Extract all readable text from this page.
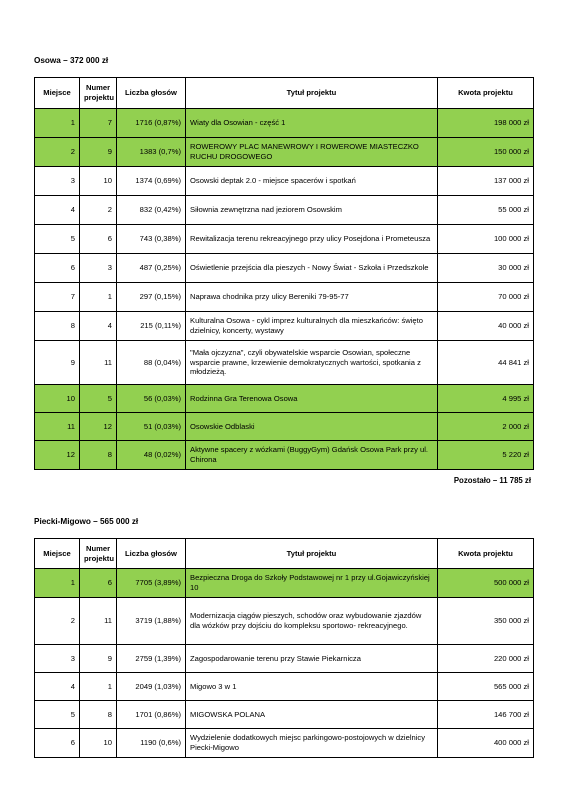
Osowa – 372 000 zł
Miejsce	Numer projektu	Liczba głosów	Tytuł projektu	Kwota projektu
1	7	1716 (0,87%)	Wiaty dla Osowian - część 1	198 000 zł
2	9	1383 (0,7%)	ROWEROWY PLAC MANEWROWY I ROWEROWE MIASTECZKO RUCHU DROGOWEGO	150 000 zł
3	10	1374 (0,69%)	Osowski deptak 2.0 - miejsce spacerów i spotkań	137 000 zł
4	2	832 (0,42%)	Siłownia zewnętrzna nad jeziorem Osowskim	55 000 zł
5	6	743 (0,38%)	Rewitalizacja terenu rekreacyjnego przy ulicy Posejdona i Prometeusza	100 000 zł
6	3	487 (0,25%)	Oświetlenie przejścia dla pieszych - Nowy Świat - Szkoła i Przedszkole	30 000 zł
7	1	297 (0,15%)	Naprawa chodnika przy ulicy Bereniki 79-95-77	70 000 zł
8	4	215 (0,11%)	Kulturalna Osowa - cykl imprez kulturalnych dla mieszkańców: święto dzielnicy, koncerty, wystawy	40 000 zł
9	11	88 (0,04%)	"Mała ojczyzna", czyli obywatelskie wsparcie Osowian, społeczne wsparcie prawne, krzewienie demokratycznych wartości, spotkania z młodzieżą.	44 841 zł
10	5	56 (0,03%)	Rodzinna Gra Terenowa Osowa	4 995 zł
11	12	51 (0,03%)	Osowskie Odblaski	2 000 zł
12	8	48 (0,02%)	Aktywne spacery z wózkami (BuggyGym) Gdańsk Osowa Park przy ul. Chirona	5 220 zł
Pozostało – 11 785 zł
Piecki-Migowo – 565 000 zł
Miejsce	Numer projektu	Liczba głosów	Tytuł projektu	Kwota projektu
1	6	7705 (3,89%)	Bezpieczna Droga do Szkoły Podstawowej nr 1 przy ul.Gojawiczyńskiej 10	500 000 zł
2	11	3719 (1,88%)	Modernizacja ciągów pieszych, schodów oraz wybudowanie zjazdów dla wózków przy dojściu do kompleksu sportowo- rekreacyjnego.	350 000 zł
3	9	2759 (1,39%)	Zagospodarowanie terenu przy Stawie Piekarnicza	220 000 zł
4	1	2049 (1,03%)	Migowo 3 w 1	565 000 zł
5	8	1701 (0,86%)	MIGOWSKA POLANA	146 700 zł
6	10	1190 (0,6%)	Wydzielenie dodatkowych miejsc parkingowo-postojowych w dzielnicy Piecki-Migowo	400 000 zł
